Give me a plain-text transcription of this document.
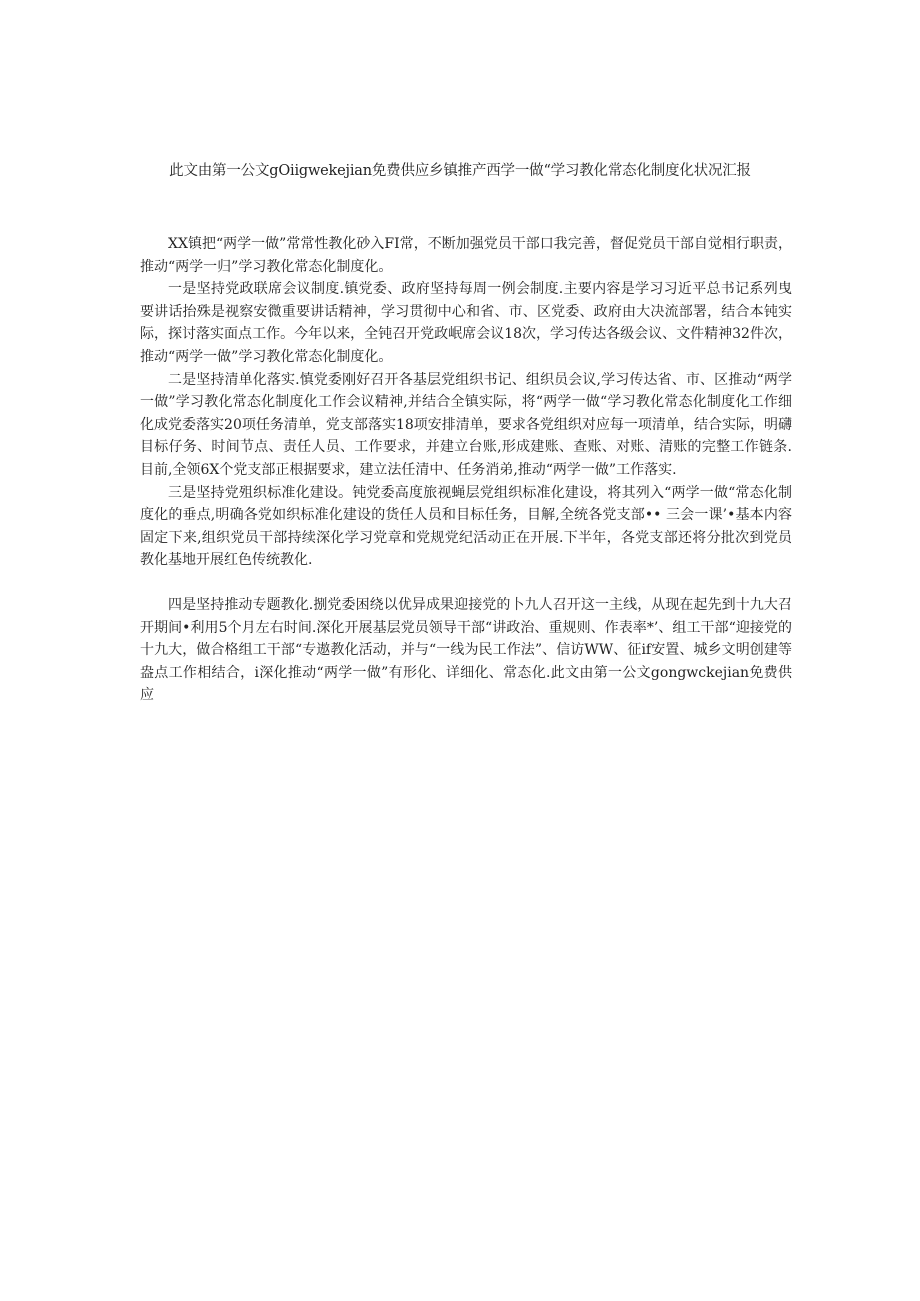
此文由第一公文gOiigwekejian免费供应乡镇推产西学一做“学习教化常态化制度化状况汇报

XX镇把“两学一做”常常性教化砂入FI常，不断加强党员干部口我完善，督促党员干部自觉相行职责，推动“两学一归”学习教化常态化制度化。

一是坚持党政联席会议制度.镇党委、政府坚持每周一例会制度.主要内容是学习习近平总书记系列曳要讲话抬殊是视察安微重要讲话精神，学习贯彻中心和省、市、区党委、政府由大决流部署，结合本钝实际，探讨落实面点工作。今年以来，全钝召开党政岷席会议18次，学习传达各级会议、文件精神32件次，推动“两学一做”学习教化常态化制度化。

二是坚持清单化落实.慎党委刚好召开各基层党组织书记、组织员会议,学习传达省、市、区推动“两学一做”学习教化常态化制度化工作会议精神,并结合全镇实际，将“两学一做“学习教化常态化制度化工作细化成党委落实20项任务清单，党支部落实18项安排清单，要求各党组织对应每一项清单，结合实际，明礴目标仔务、时间节点、责任人员、工作要求，并建立台账,形成建账、查账、对账、清账的完整工作链条.目前,全领6X个党支部正根据要求，建立法任清中、任务消弟,推动“两学一做”工作落实.

三是坚持党殂织标准化建设。钝党委高度旅视蝇层党组织标准化建设，将其列入“两学一做“常态化制度化的垂点,明确各党如织标准化建设的货任人员和目标任务，目解,全统各党支部•• 三会一课’•基本内容固定下来,组织党员干部持续深化学习党章和党规党纪活动正在开展.下半年，各党支部还将分批次到党员教化基地开展红色传统教化.

四是坚持推动专题教化.捌党委困绕以优异成果迎接党的卜九人召开这一主线，从现在起先到十九大召开期间•利用5个月左右时间.深化开展基层党员领导干部“讲政治、重规则、作表率*’、组工干部“迎接党的十九大，做合格组工干部“专遨教化活动，并与“一线为民工作法”、信访WW、征if安置、城乡文明创建等盎点工作相结合，i深化推动“两学一做”有形化、详细化、常态化.此文由第一公文gongwckejian免费供应
